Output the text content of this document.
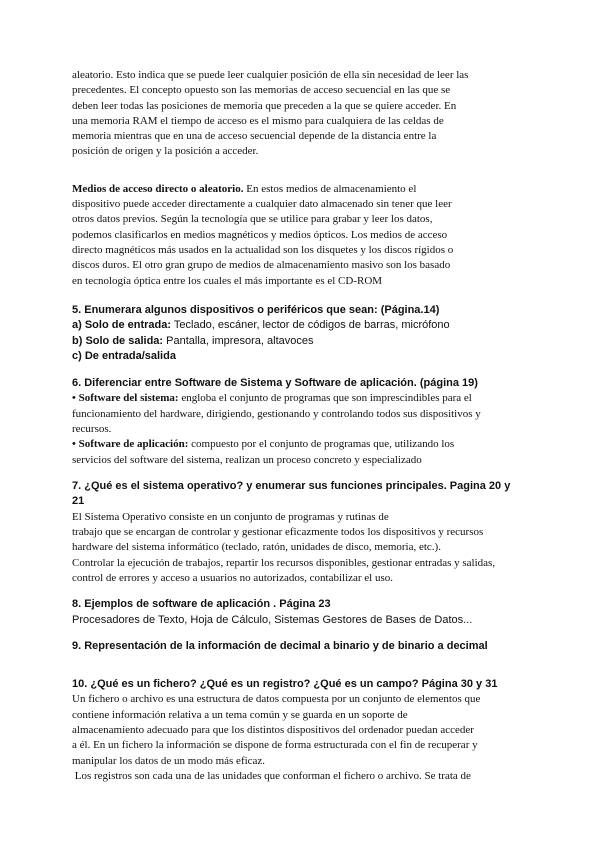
aleatorio. Esto indica que se puede leer cualquier posición de ella sin necesidad de leer las
precedentes. El concepto opuesto son las memorias de acceso secuencial en las que se
deben leer todas las posiciones de memoria que preceden a la que se quiere acceder. En
una memoria RAM el tiempo de acceso es el mismo para cualquiera de las celdas de
memoria mientras que en una de acceso secuencial depende de la distancia entre la
posición de origen y la posición a acceder.
Medios de acceso directo o aleatorio. En estos medios de almacenamiento el
dispositivo puede acceder directamente a cualquier dato almacenado sin tener que leer
otros datos previos. Según la tecnología que se utilice para grabar y leer los datos,
podemos clasificarlos en medios magnéticos y medios ópticos. Los medios de acceso
directo magnéticos más usados en la actualidad son los disquetes y los discos rígidos o
discos duros. El otro gran grupo de medios de almacenamiento masivo son los basado
en tecnología óptica entre los cuales el más importante es el CD-ROM
5. Enumerara algunos dispositivos o periféricos que sean: (Página.14)
a) Solo de entrada: Teclado, escáner, lector de códigos de barras, micrófono
b) Solo de salida: Pantalla, impresora, altavoces
c) De entrada/salida
6. Diferenciar entre Software de Sistema y Software de aplicación. (página 19)
• Software del sistema: engloba el conjunto de programas que son imprescindibles para el
funcionamiento del hardware, dirigiendo, gestionando y controlando todos sus dispositivos y
recursos.
• Software de aplicación: compuesto por el conjunto de programas que, utilizando los
servicios del software del sistema, realizan un proceso concreto y especializado
7. ¿Qué es el sistema operativo? y enumerar sus funciones principales. Pagina 20 y
21
El Sistema Operativo consiste en un conjunto de programas y rutinas de
trabajo que se encargan de controlar y gestionar eficazmente todos los dispositivos y recursos
hardware del sistema informático (teclado, ratón, unidades de disco, memoria, etc.).
Controlar la ejecución de trabajos, repartir los recursos disponibles, gestionar entradas y salidas,
control de errores y acceso a usuarios no autorizados, contabilizar el uso.
8. Ejemplos de software de aplicación . Página 23
Procesadores de Texto, Hoja de Cálculo, Sistemas Gestores de Bases de Datos...
9. Representación de la información de decimal a binario y de binario a decimal
10. ¿Qué es un fichero? ¿Qué es un registro? ¿Qué es un campo? Página 30 y 31
Un fichero o archivo es una estructura de datos compuesta por un conjunto de elementos que
contiene información relativa a un tema común y se guarda en un soporte de
almacenamiento adecuado para que los distintos dispositivos del ordenador puedan acceder
a él. En un fichero la información se dispone de forma estructurada con el fin de recuperar y
manipular los datos de un modo más eficaz.
Los registros son cada una de las unidades que conforman el fichero o archivo. Se trata de
